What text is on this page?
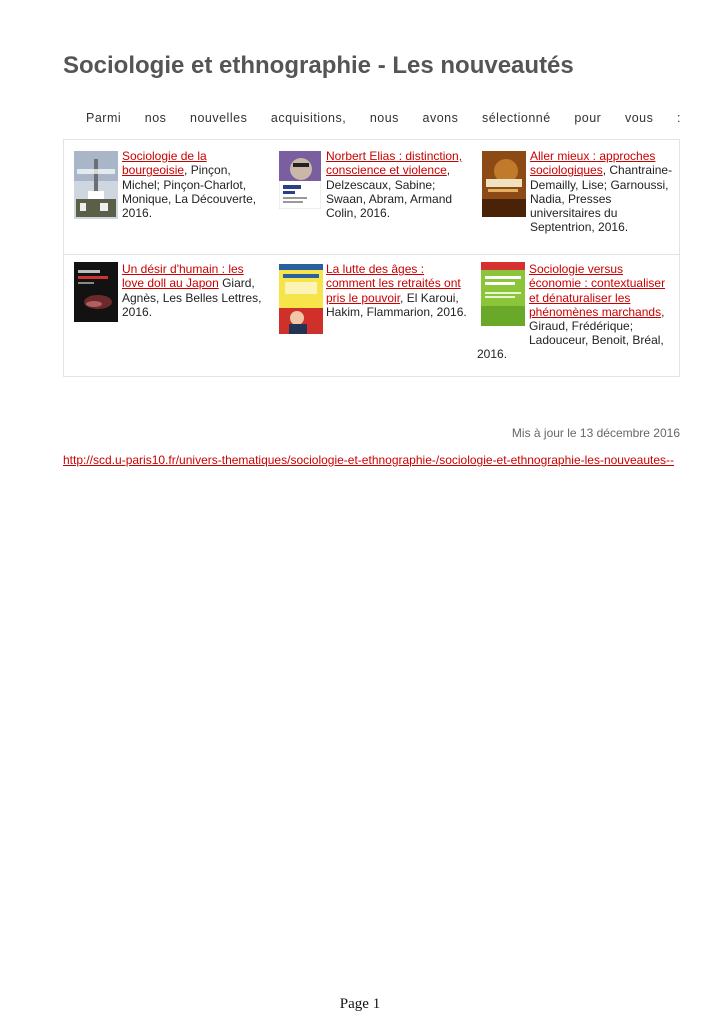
Sociologie et ethnographie - Les nouveautés
Parmi nos nouvelles acquisitions, nous avons sélectionné pour vous :
Sociologie de la bourgeoisie, Pinçon, Michel; Pinçon-Charlot, Monique, La Découverte, 2016.
Norbert Elias : distinction, conscience et violence, Delzescaux, Sabine; Swaan, Abram, Armand Colin, 2016.
Aller mieux : approches sociologiques, Chantraine-Demailly, Lise; Garnoussi, Nadia, Presses universitaires du Septentrion, 2016.
Un désir d'humain : les love doll au Japon Giard, Agnès, Les Belles Lettres, 2016.
La lutte des âges : comment les retraités ont pris le pouvoir, El Karoui, Hakim, Flammarion, 2016.
Sociologie versus économie : contextualiser et dénaturaliser les phénomènes marchands, Giraud, Frédérique; Ladouceur, Benoit, Bréal,
2016.
Mis à jour le 13 décembre 2016
http://scd.u-paris10.fr/univers-thematiques/sociologie-et-ethnographie-/sociologie-et-ethnographie-les-nouveautes--
Page 1
